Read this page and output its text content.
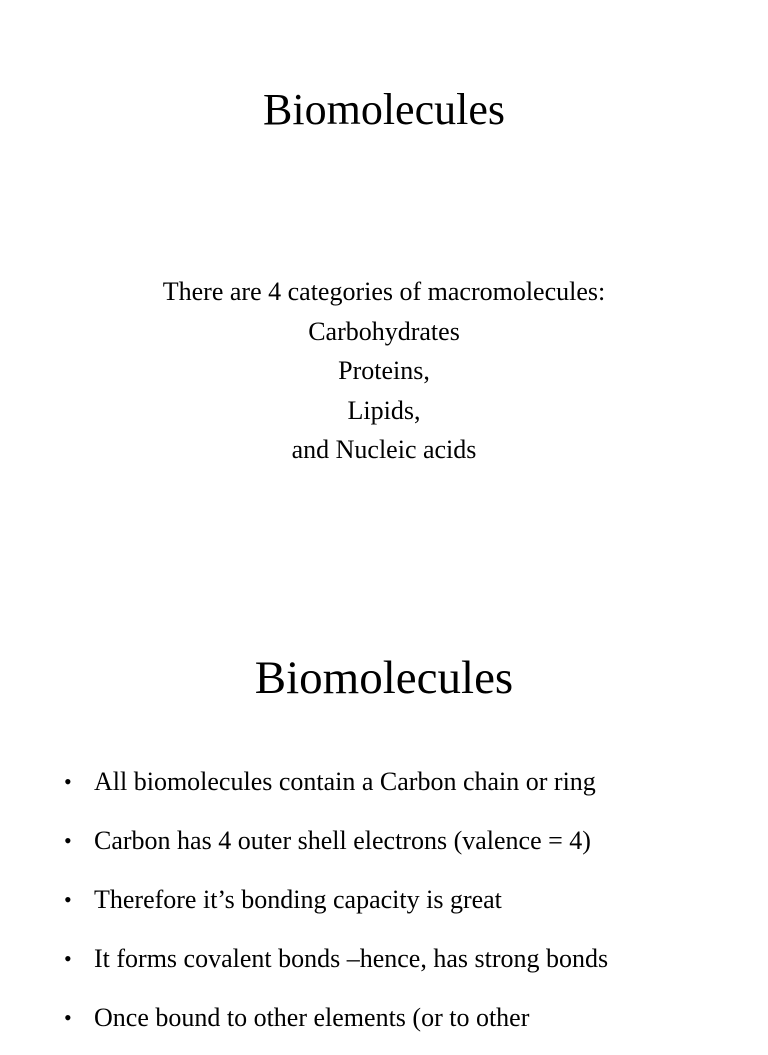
Biomolecules
There are 4 categories of macromolecules:
Carbohydrates
Proteins,
Lipids,
and Nucleic acids
Biomolecules
• All biomolecules contain a Carbon chain or ring
• Carbon has 4 outer shell electrons (valence = 4)
• Therefore it’s bonding capacity is great
• It forms covalent bonds –hence, has strong bonds
• Once bound to other elements (or to other
